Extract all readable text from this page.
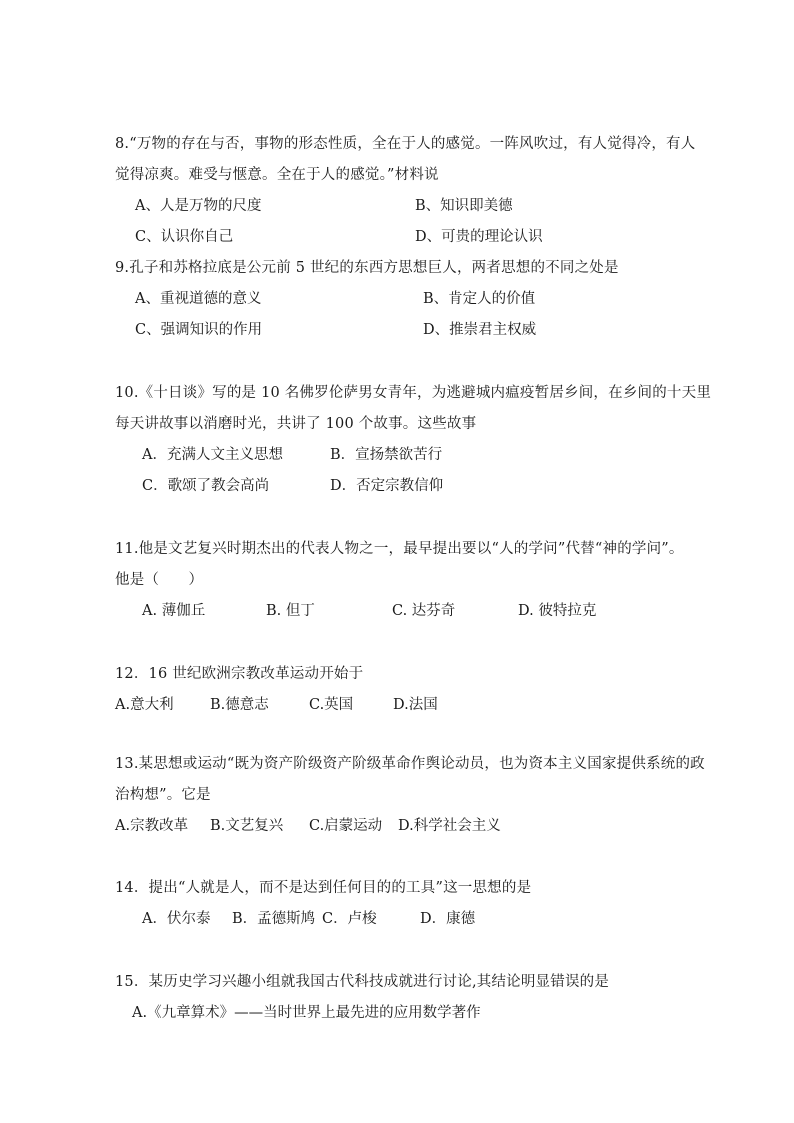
8.“万物的存在与否，事物的形态性质，全在于人的感觉。一阵风吹过，有人觉得冷，有人
觉得凉爽。难受与惬意。全在于人的感觉。”材料说
A、人是万物的尺度	B、知识即美德
C、认识你自己	D、可贵的理论认识
9.孔子和苏格拉底是公元前 5 世纪的东西方思想巨人，两者思想的不同之处是
A、重视道德的意义	B、肯定人的价值
C、强调知识的作用	D、推崇君主权威
10.《十日谈》写的是 10 名佛罗伦萨男女青年，为逃避城内瘟疫暂居乡间，在乡间的十天里
每天讲故事以消磨时光，共讲了 100 个故事。这些故事
A．充满人文主义思想	B．宣扬禁欲苦行
C．歌颂了教会高尚	D．否定宗教信仰
11.他是文艺复兴时期杰出的代表人物之一，最早提出要以“人的学问”代替“神的学问”。
他是（　　）
A. 薄伽丘	B. 但丁	C. 达芬奇	D. 彼特拉克
12．16 世纪欧洲宗教改革运动开始于
A.意大利	B.德意志	C.英国	D.法国
13.某思想或运动“既为资产阶级资产阶级革命作舆论动员，也为资本主义国家提供系统的政
治构想”。它是
A.宗教改革 B.文艺复兴 C.启蒙运动 D.科学社会主义
14．提出“人就是人，而不是达到任何目的的工具”这一思想的是
A．伏尔泰 B．孟德斯鸠 C．卢梭	D．康德
15．某历史学习兴趣小组就我国古代科技成就进行讨论,其结论明显错误的是
A.《九章算术》——当时世界上最先进的应用数学著作
